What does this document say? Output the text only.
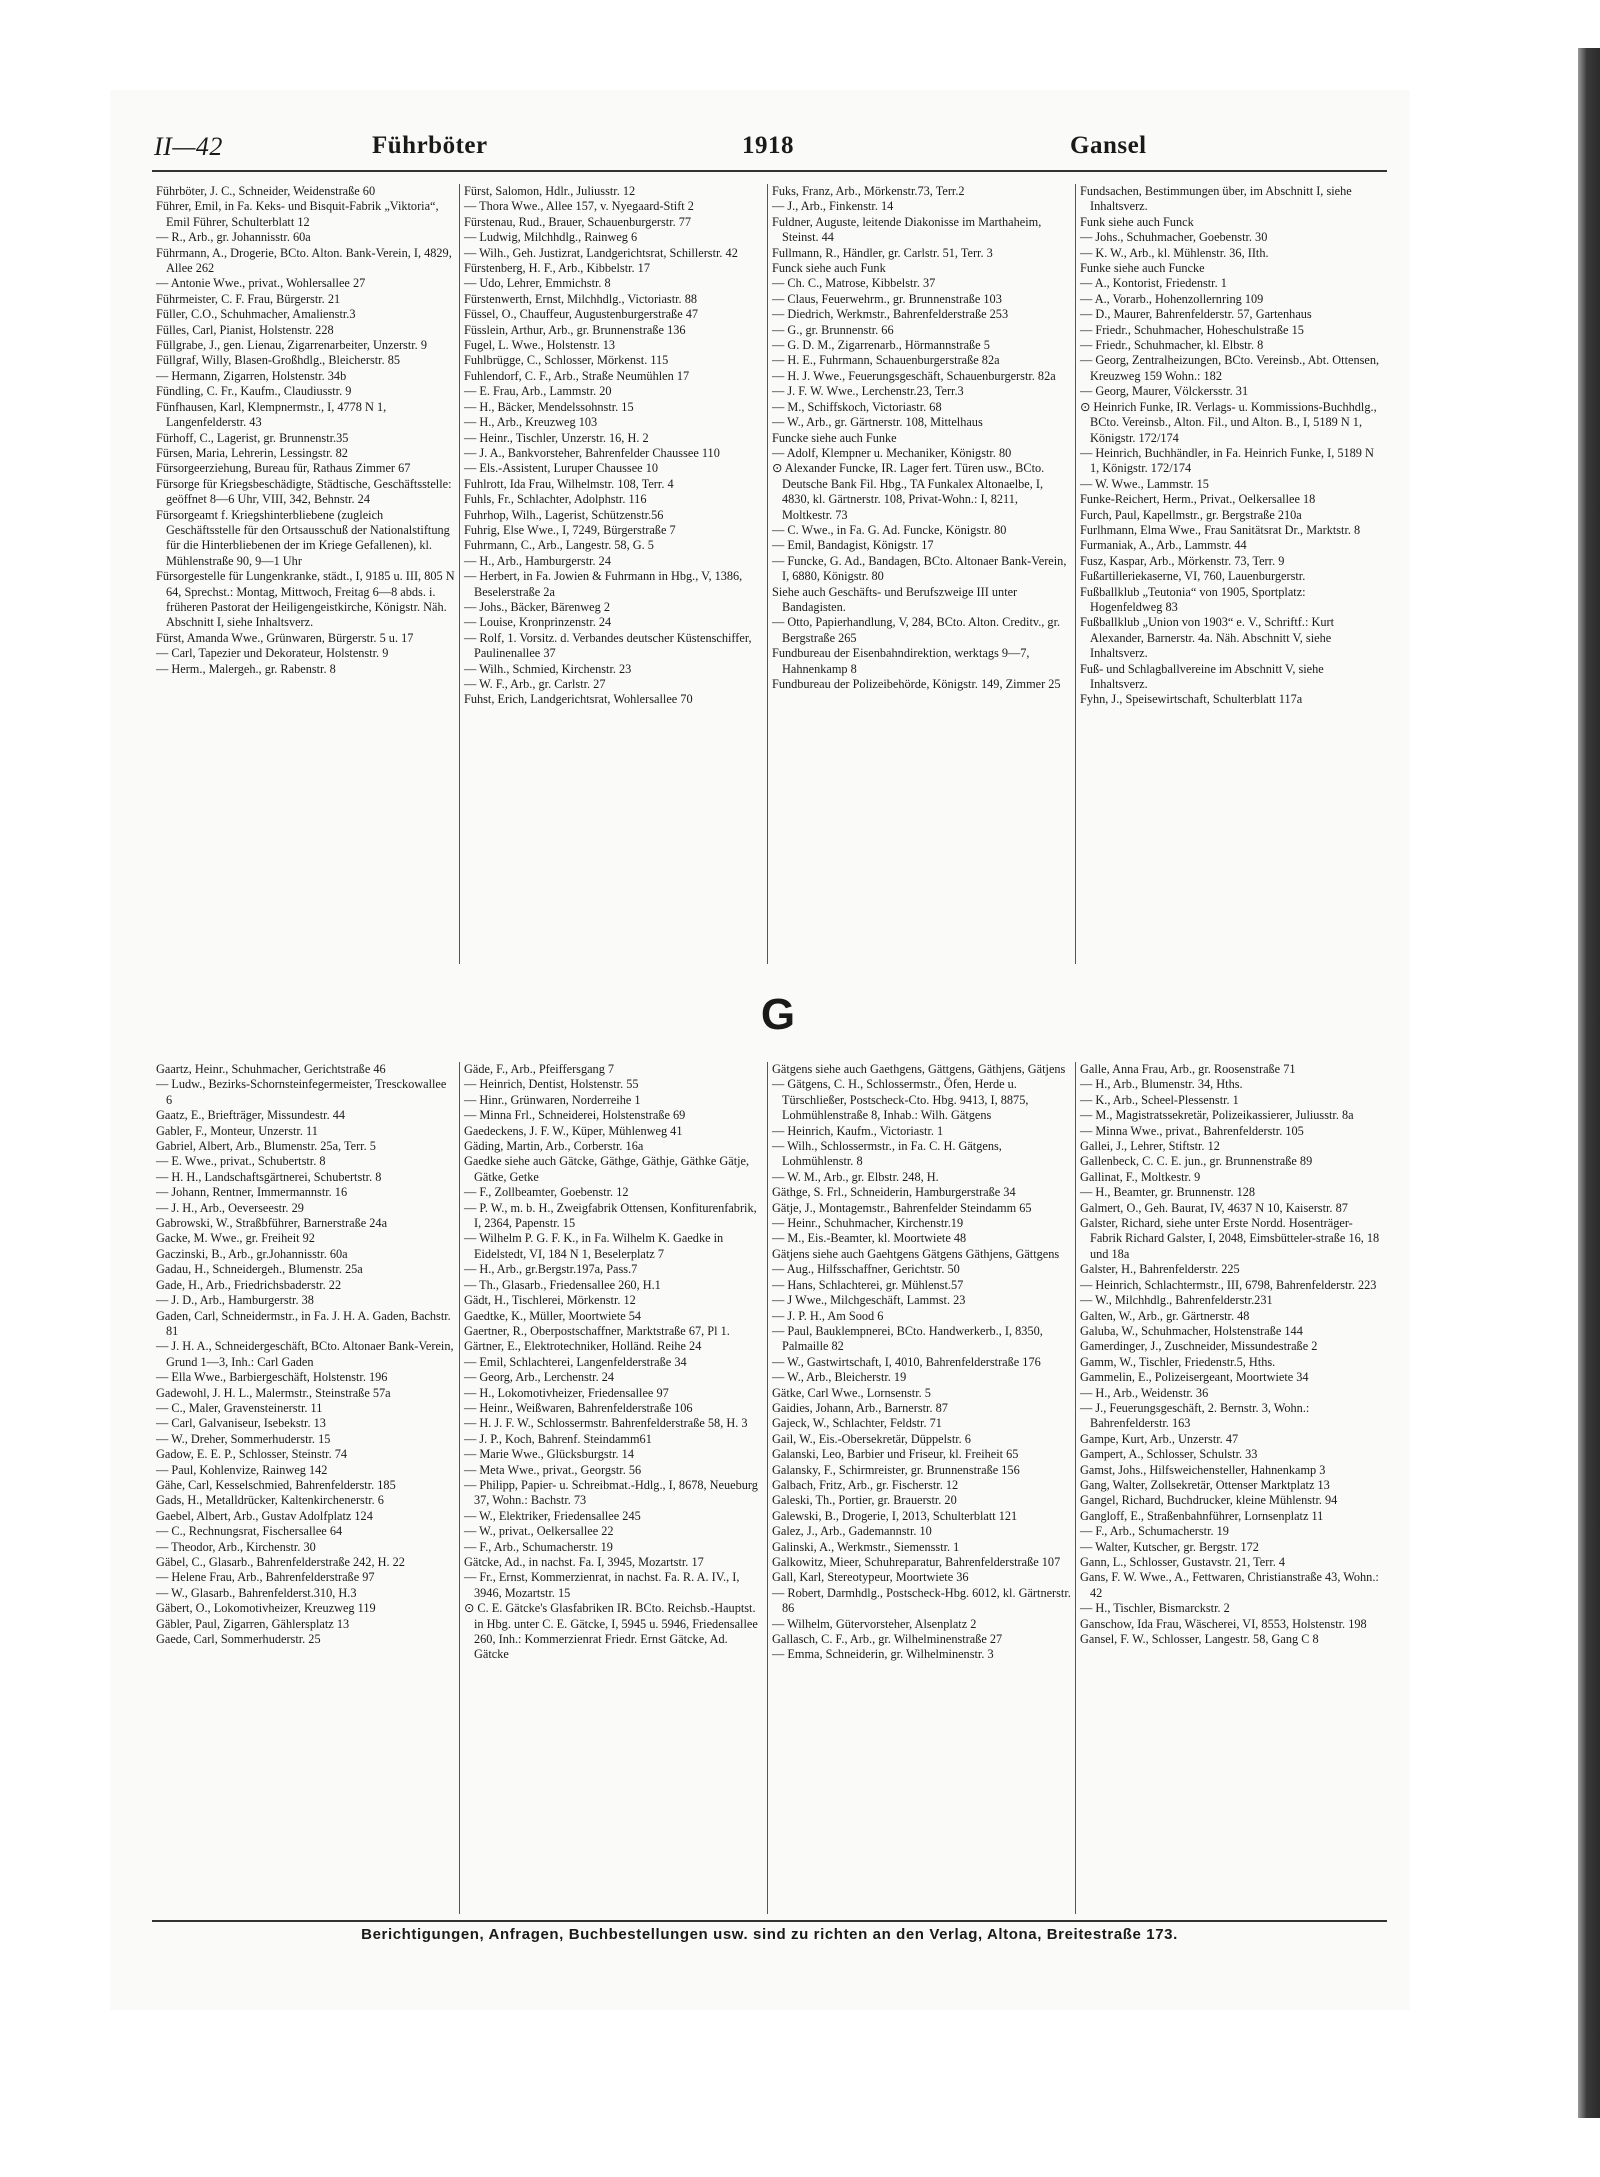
II—42	Führböter	1918	Gansel

Führböter, J. C., Schneider, Weidenstraße 60

Führer, Emil, in Fa. Keks- und Bisquit-Fabrik „Viktoria“, Emil Führer, Schulterblatt 12

— R., Arb., gr. Johannisstr. 60a

Führmann, A., Drogerie, BCto. Alton. Bank-Verein, I, 4829, Allee 262

— Antonie Wwe., privat., Wohlersallee 27

Führmeister, C. F. Frau, Bürgerstr. 21

Füller, C.O., Schuhmacher, Amalienstr.3

Fülles, Carl, Pianist, Holstenstr. 228

Füllgrabe, J., gen. Lienau, Zigarrenarbeiter, Unzerstr. 9

Füllgraf, Willy, Blasen-Großhdlg., Bleicherstr. 85

— Hermann, Zigarren, Holstenstr. 34b

Fündling, C. Fr., Kaufm., Claudiusstr. 9

Fünfhausen, Karl, Klempnermstr., I, 4778 N 1, Langenfelderstr. 43

Fürhoff, C., Lagerist, gr. Brunnenstr.35

Fürsen, Maria, Lehrerin, Lessingstr. 82

Fürsorgeerziehung, Bureau für, Rathaus Zimmer 67

Fürsorge für Kriegsbeschädigte, Städtische, Geschäftsstelle: geöffnet 8—6 Uhr, VIII, 342, Behnstr. 24

Fürsorgeamt f. Kriegshinterbliebene (zugleich Geschäftsstelle für den Ortsausschuß der Nationalstiftung für die Hinterbliebenen der im Kriege Gefallenen), kl. Mühlenstraße 90, 9—1 Uhr

Fürsorgestelle für Lungenkranke, städt., I, 9185 u. III, 805 N 64, Sprechst.: Montag, Mittwoch, Freitag 6—8 abds. i. früheren Pastorat der Heiligengeistkirche, Königstr. Näh. Abschnitt I, siehe Inhaltsverz.

Fürst, Amanda Wwe., Grünwaren, Bürgerstr. 5 u. 17

— Carl, Tapezier und Dekorateur, Holstenstr. 9

— Herm., Malergeh., gr. Rabenstr. 8

Fürst, Salomon, Hdlr., Juliusstr. 12

— Thora Wwe., Allee 157, v. Nyegaard-Stift 2

Fürstenau, Rud., Brauer, Schauenburgerstr. 77

— Ludwig, Milchhdlg., Rainweg 6

— Wilh., Geh. Justizrat, Landgerichtsrat, Schillerstr. 42

Fürstenberg, H. F., Arb., Kibbelstr. 17

— Udo, Lehrer, Emmichstr. 8

Fürstenwerth, Ernst, Milchhdlg., Victoriastr. 88

Füssel, O., Chauffeur, Augustenburgerstraße 47

Füsslein, Arthur, Arb., gr. Brunnenstraße 136

Fugel, L. Wwe., Holstenstr. 13

Fuhlbrügge, C., Schlosser, Mörkenst. 115

Fuhlendorf, C. F., Arb., Straße Neumühlen 17

— E. Frau, Arb., Lammstr. 20

— H., Bäcker, Mendelssohnstr. 15

— H., Arb., Kreuzweg 103

— Heinr., Tischler, Unzerstr. 16, H. 2

— J. A., Bankvorsteher, Bahrenfelder Chaussee 110

— Els.-Assistent, Luruper Chaussee 10

Fuhlrott, Ida Frau, Wilhelmstr. 108, Terr. 4

Fuhls, Fr., Schlachter, Adolphstr. 116

Fuhrhop, Wilh., Lagerist, Schützenstr.56

Fuhrig, Else Wwe., I, 7249, Bürgerstraße 7

Fuhrmann, C., Arb., Langestr. 58, G. 5

— H., Arb., Hamburgerstr. 24

— Herbert, in Fa. Jowien & Fuhrmann in Hbg., V, 1386, Beselerstraße 2a

— Johs., Bäcker, Bärenweg 2

— Louise, Kronprinzenstr. 24

— Rolf, 1. Vorsitz. d. Verbandes deutscher Küstenschiffer, Paulinenallee 37

— Wilh., Schmied, Kirchenstr. 23

— W. F., Arb., gr. Carlstr. 27

Fuhst, Erich, Landgerichtsrat, Wohlersallee 70

Fuks, Franz, Arb., Mörkenstr.73, Terr.2

— J., Arb., Finkenstr. 14

Fuldner, Auguste, leitende Diakonisse im Marthaheim, Steinst. 44

Fullmann, R., Händler, gr. Carlstr. 51, Terr. 3

Funck siehe auch Funk

— Ch. C., Matrose, Kibbelstr. 37

— Claus, Feuerwehrm., gr. Brunnenstraße 103

— Diedrich, Werkmstr., Bahrenfelderstraße 253

— G., gr. Brunnenstr. 66

— G. D. M., Zigarrenarb., Hörmannstraße 5

— H. E., Fuhrmann, Schauenburgerstraße 82a

— H. J. Wwe., Feuerungsgeschäft, Schauenburgerstr. 82a

— J. F. W. Wwe., Lerchenstr.23, Terr.3

— M., Schiffskoch, Victoriastr. 68

— W., Arb., gr. Gärtnerstr. 108, Mittelhaus

Funcke siehe auch Funke

— Adolf, Klempner u. Mechaniker, Königstr. 80

⊙ Alexander Funcke, IR. Lager fert. Türen usw., BCto. Deutsche Bank Fil. Hbg., TA Funkalex Altonaelbe, I, 4830, kl. Gärtnerstr. 108, Privat-Wohn.: I, 8211, Moltkestr. 73

— C. Wwe., in Fa. G. Ad. Funcke, Königstr. 80

— Emil, Bandagist, Königstr. 17

— Funcke, G. Ad., Bandagen, BCto. Altonaer Bank-Verein, I, 6880, Königstr. 80

Siehe auch Geschäfts- und Berufszweige III unter Bandagisten.

— Otto, Papierhandlung, V, 284, BCto. Alton. Creditv., gr. Bergstraße 265

Fundbureau der Eisenbahndirektion, werktags 9—7, Hahnenkamp 8

Fundbureau der Polizeibehörde, Königstr. 149, Zimmer 25

Fundsachen, Bestimmungen über, im Abschnitt I, siehe Inhaltsverz.

Funk siehe auch Funck

— Johs., Schuhmacher, Goebenstr. 30

— K. W., Arb., kl. Mühlenstr. 36, IIth.

Funke siehe auch Funcke

— A., Kontorist, Friedenstr. 1

— A., Vorarb., Hohenzollernring 109

— D., Maurer, Bahrenfelderstr. 57, Gartenhaus

— Friedr., Schuhmacher, Hoheschulstraße 15

— Friedr., Schuhmacher, kl. Elbstr. 8

— Georg, Zentralheizungen, BCto. Vereinsb., Abt. Ottensen, Kreuzweg 159 Wohn.: 182

— Georg, Maurer, Völckersstr. 31

⊙ Heinrich Funke, IR. Verlags- u. Kommissions-Buchhdlg., BCto. Vereinsb., Alton. Fil., und Alton. B., I, 5189 N 1, Königstr. 172/174

— Heinrich, Buchhändler, in Fa. Heinrich Funke, I, 5189 N 1, Königstr. 172/174

— W. Wwe., Lammstr. 15

Funke-Reichert, Herm., Privat., Oelkersallee 18

Furch, Paul, Kapellmstr., gr. Bergstraße 210a

Furlhmann, Elma Wwe., Frau Sanitätsrat Dr., Marktstr. 8

Furmaniak, A., Arb., Lammstr. 44

Fusz, Kaspar, Arb., Mörkenstr. 73, Terr. 9

Fußartilleriekaserne, VI, 760, Lauenburgerstr.

Fußballklub „Teutonia“ von 1905, Sportplatz: Hogenfeldweg 83

Fußballklub „Union von 1903“ e. V., Schriftf.: Kurt Alexander, Barnerstr. 4a. Näh. Abschnitt V, siehe Inhaltsverz.

Fuß- und Schlagballvereine im Abschnitt V, siehe Inhaltsverz.

Fyhn, J., Speisewirtschaft, Schulterblatt 117a

G

Gaartz, Heinr., Schuhmacher, Gerichtstraße 46

— Ludw., Bezirks-Schornsteinfegermeister, Tresckowallee 6

Gaatz, E., Briefträger, Missundestr. 44

Gabler, F., Monteur, Unzerstr. 11

Gabriel, Albert, Arb., Blumenstr. 25a, Terr. 5

— E. Wwe., privat., Schubertstr. 8

— H. H., Landschaftsgärtnerei, Schubertstr. 8

— Johann, Rentner, Immermannstr. 16

— J. H., Arb., Oeverseestr. 29

Gabrowski, W., Straßbführer, Barnerstraße 24a

Gacke, M. Wwe., gr. Freiheit 92

Gaczinski, B., Arb., gr.Johannisstr. 60a

Gadau, H., Schneidergeh., Blumenstr. 25a

Gade, H., Arb., Friedrichsbaderstr. 22

— J. D., Arb., Hamburgerstr. 38

Gaden, Carl, Schneidermstr., in Fa. J. H. A. Gaden, Bachstr. 81

— J. H. A., Schneidergeschäft, BCto. Altonaer Bank-Verein, Grund 1—3, Inh.: Carl Gaden

— Ella Wwe., Barbiergeschäft, Holstenstr. 196

Gadewohl, J. H. L., Malermstr., Steinstraße 57a

— C., Maler, Gravensteinerstr. 11

— Carl, Galvaniseur, Isebekstr. 13

— W., Dreher, Sommerhuderstr. 15

Gadow, E. E. P., Schlosser, Steinstr. 74

— Paul, Kohlenvize, Rainweg 142

Gähe, Carl, Kesselschmied, Bahrenfelderstr. 185

Gads, H., Metalldrücker, Kaltenkirchenerstr. 6

Gaebel, Albert, Arb., Gustav Adolfplatz 124

— C., Rechnungsrat, Fischersallee 64

— Theodor, Arb., Kirchenstr. 30

Gäbel, C., Glasarb., Bahrenfelderstraße 242, H. 22

— Helene Frau, Arb., Bahrenfelderstraße 97

— W., Glasarb., Bahrenfelderst.310, H.3

Gäbert, O., Lokomotivheizer, Kreuzweg 119

Gäbler, Paul, Zigarren, Gählersplatz 13

Gaede, Carl, Sommerhuderstr. 25

Gäde, F., Arb., Pfeiffersgang 7

— Heinrich, Dentist, Holstenstr. 55

— Hinr., Grünwaren, Norderreihe 1

— Minna Frl., Schneiderei, Holstenstraße 69

Gaedeckens, J. F. W., Küper, Mühlenweg 41

Gäding, Martin, Arb., Corberstr. 16a

Gaedke siehe auch Gätcke, Gäthge, Gäthje, Gäthke Gätje, Gätke, Getke

— F., Zollbeamter, Goebenstr. 12

— P. W., m. b. H., Zweigfabrik Ottensen, Konfiturenfabrik, I, 2364, Papenstr. 15

— Wilhelm P. G. F. K., in Fa. Wilhelm K. Gaedke in Eidelstedt, VI, 184 N 1, Beselerplatz 7

— H., Arb., gr.Bergstr.197a, Pass.7

— Th., Glasarb., Friedensallee 260, H.1

Gädt, H., Tischlerei, Mörkenstr. 12

Gaedtke, K., Müller, Moortwiete 54

Gaertner, R., Oberpostschaffner, Marktstraße 67, Pl 1.

Gärtner, E., Elektrotechniker, Holländ. Reihe 24

— Emil, Schlachterei, Langenfelderstraße 34

— Georg, Arb., Lerchenstr. 24

— H., Lokomotivheizer, Friedensallee 97

— Heinr., Weißwaren, Bahrenfelderstraße 106

— H. J. F. W., Schlossermstr. Bahrenfelderstraße 58, H. 3

— J. P., Koch, Bahrenf. Steindamm61

— Marie Wwe., Glücksburgstr. 14

— Meta Wwe., privat., Georgstr. 56

— Philipp, Papier- u. Schreibmat.-Hdlg., I, 8678, Neueburg 37, Wohn.: Bachstr. 73

— W., Elektriker, Friedensallee 245

— W., privat., Oelkersallee 22

— F., Arb., Schumacherstr. 19

Gätcke, Ad., in nachst. Fa. I, 3945, Mozartstr. 17

— Fr., Ernst, Kommerzienrat, in nachst. Fa. R. A. IV., I, 3946, Mozartstr. 15

⊙ C. E. Gätcke's Glasfabriken IR. BCto. Reichsb.-Hauptst. in Hbg. unter C. E. Gätcke, I, 5945 u. 5946, Friedensallee 260, Inh.: Kommerzienrat Friedr. Ernst Gätcke, Ad. Gätcke

Gätgens siehe auch Gaethgens, Gättgens, Gäthjens, Gätjens

— Gätgens, C. H., Schlossermstr., Öfen, Herde u. Türschließer, Postscheck-Cto. Hbg. 9413, I, 8875, Lohmühlenstraße 8, Inhab.: Wilh. Gätgens

— Heinrich, Kaufm., Victoriastr. 1

— Wilh., Schlossermstr., in Fa. C. H. Gätgens, Lohmühlenstr. 8

— W. M., Arb., gr. Elbstr. 248, H.

Gäthge, S. Frl., Schneiderin, Hamburgerstraße 34

Gätje, J., Montagemstr., Bahrenfelder Steindamm 65

— Heinr., Schuhmacher, Kirchenstr.19

— M., Eis.-Beamter, kl. Moortwiete 48

Gätjens siehe auch Gaehtgens Gätgens Gäthjens, Gättgens

— Aug., Hilfsschaffner, Gerichtstr. 50

— Hans, Schlachterei, gr. Mühlenst.57

— J Wwe., Milchgeschäft, Lammst. 23

— J. P. H., Am Sood 6

— Paul, Bauklempnerei, BCto. Handwerkerb., I, 8350, Palmaille 82

— W., Gastwirtschaft, I, 4010, Bahrenfelderstraße 176

— W., Arb., Bleicherstr. 19

Gätke, Carl Wwe., Lornsenstr. 5

Gaidies, Johann, Arb., Barnerstr. 87

Gajeck, W., Schlachter, Feldstr. 71

Gail, W., Eis.-Obersekretär, Düppelstr. 6

Galanski, Leo, Barbier und Friseur, kl. Freiheit 65

Galansky, F., Schirmreister, gr. Brunnenstraße 156

Galbach, Fritz, Arb., gr. Fischerstr. 12

Galeski, Th., Portier, gr. Brauerstr. 20

Galewski, B., Drogerie, I, 2013, Schulterblatt 121

Galez, J., Arb., Gademannstr. 10

Galinski, A., Werkmstr., Siemensstr. 1

Galkowitz, Mieer, Schuhreparatur, Bahrenfelderstraße 107

Gall, Karl, Stereotypeur, Moortwiete 36

— Robert, Darmhdlg., Postscheck-Hbg. 6012, kl. Gärtnerstr. 86

— Wilhelm, Gütervorsteher, Alsenplatz 2

Gallasch, C. F., Arb., gr. Wilhelminenstraße 27

— Emma, Schneiderin, gr. Wilhelminenstr. 3

Galle, Anna Frau, Arb., gr. Roosenstraße 71

— H., Arb., Blumenstr. 34, Hths.

— K., Arb., Scheel-Plessenstr. 1

— M., Magistratssekretär, Polizeikassierer, Juliusstr. 8a

— Minna Wwe., privat., Bahrenfelderstr. 105

Gallei, J., Lehrer, Stiftstr. 12

Gallenbeck, C. C. E. jun., gr. Brunnenstraße 89

Gallinat, F., Moltkestr. 9

— H., Beamter, gr. Brunnenstr. 128

Galmert, O., Geh. Baurat, IV, 4637 N 10, Kaiserstr. 87

Galster, Richard, siehe unter Erste Nordd. Hosenträger-Fabrik Richard Galster, I, 2048, Eimsbütteler-straße 16, 18 und 18a

Galster, H., Bahrenfelderstr. 225

— Heinrich, Schlachtermstr., III, 6798, Bahrenfelderstr. 223

— W., Milchhdlg., Bahrenfelderstr.231

Galten, W., Arb., gr. Gärtnerstr. 48

Galuba, W., Schuhmacher, Holstenstraße 144

Gamerdinger, J., Zuschneider, Missundestraße 2

Gamm, W., Tischler, Friedenstr.5, Hths.

Gammelin, E., Polizeisergeant, Moortwiete 34

— H., Arb., Weidenstr. 36

— J., Feuerungsgeschäft, 2. Bernstr. 3, Wohn.: Bahrenfelderstr. 163

Gampe, Kurt, Arb., Unzerstr. 47

Gampert, A., Schlosser, Schulstr. 33

Gamst, Johs., Hilfsweichensteller, Hahnenkamp 3

Gang, Walter, Zollsekretär, Ottenser Marktplatz 13

Gangel, Richard, Buchdrucker, kleine Mühlenstr. 94

Gangloff, E., Straßenbahnführer, Lornsenplatz 11

— F., Arb., Schumacherstr. 19

— Walter, Kutscher, gr. Bergstr. 172

Gann, L., Schlosser, Gustavstr. 21, Terr. 4

Gans, F. W. Wwe., A., Fettwaren, Christianstraße 43, Wohn.: 42

— H., Tischler, Bismarckstr. 2

Ganschow, Ida Frau, Wäscherei, VI, 8553, Holstenstr. 198

Gansel, F. W., Schlosser, Langestr. 58, Gang C 8

Berichtigungen, Anfragen, Buchbestellungen usw. sind zu richten an den Verlag, Altona, Breitestraße 173.
